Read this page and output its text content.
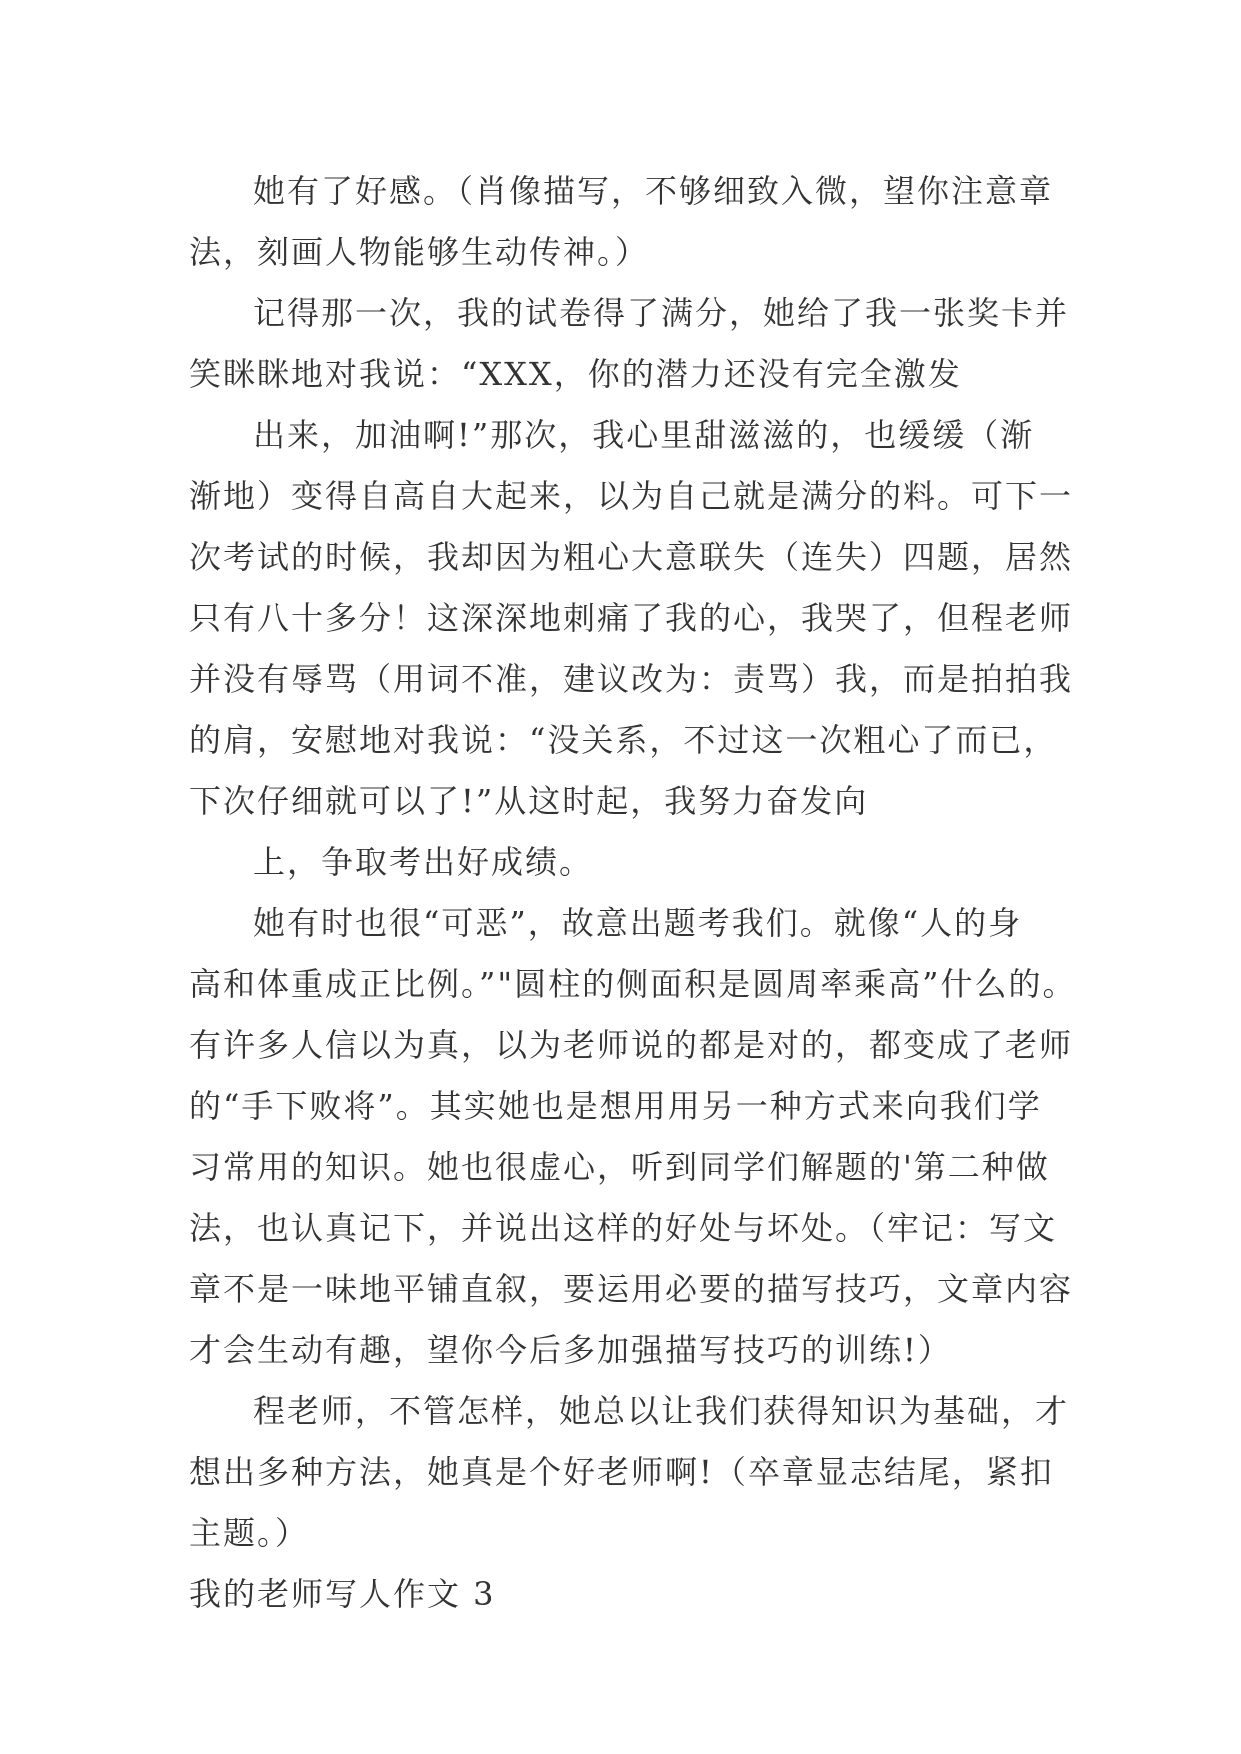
她有了好感。（肖像描写，不够细致入微，望你注意章
法，刻画人物能够生动传神。）
记得那一次，我的试卷得了满分，她给了我一张奖卡并
笑眯眯地对我说：“XXX，你的潜力还没有完全激发
出来，加油啊!”那次，我心里甜滋滋的，也缓缓（渐
渐地）变得自高自大起来，以为自己就是满分的料。可下一
次考试的时候，我却因为粗心大意联失（连失）四题，居然
只有八十多分！这深深地刺痛了我的心，我哭了，但程老师
并没有辱骂（用词不准，建议改为：责骂）我，而是拍拍我
的肩，安慰地对我说：“没关系，不过这一次粗心了而已，
下次仔细就可以了!”从这时起，我努力奋发向
上，争取考出好成绩。
她有时也很“可恶”，故意出题考我们。就像“人的身
高和体重成正比例。”"圆柱的侧面积是圆周率乘高”什么的。
有许多人信以为真，以为老师说的都是对的，都变成了老师
的“手下败将”。其实她也是想用用另一种方式来向我们学
习常用的知识。她也很虚心，听到同学们解题的'第二种做
法，也认真记下，并说出这样的好处与坏处。（牢记：写文
章不是一味地平铺直叙，要运用必要的描写技巧，文章内容
才会生动有趣，望你今后多加强描写技巧的训练!）
程老师，不管怎样，她总以让我们获得知识为基础，才
想出多种方法，她真是个好老师啊!（卒章显志结尾，紧扣
主题。）
我的老师写人作文 3
